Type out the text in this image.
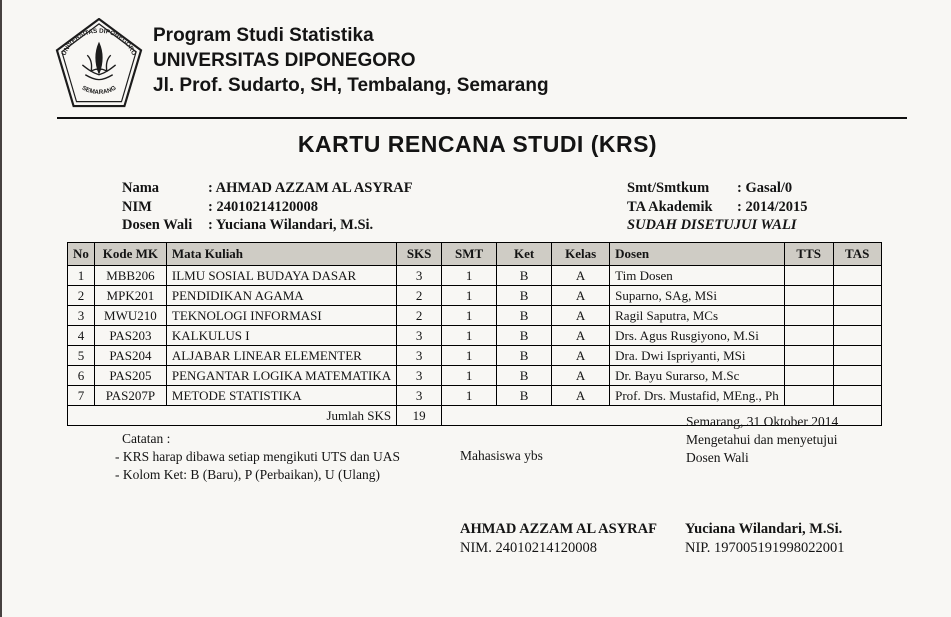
UNIVERSITAS DIPONEGORO
SEMARANG
Program Studi Statistika
UNIVERSITAS DIPONEGORO
Jl. Prof. Sudarto, SH, Tembalang, Semarang
KARTU RENCANA STUDI (KRS)
Nama	: AHMAD AZZAM AL ASYRAF
NIM	: 24010214120008
Dosen Wali	: Yuciana Wilandari, M.Si.
Smt/Smtkum	: Gasal/0
TA Akademik	: 2014/2015
SUDAH DISETUJUI WALI
No	Kode MK	Mata Kuliah	SKS	SMT	Ket	Kelas	Dosen	TTS	TAS
1	MBB206	ILMU SOSIAL BUDAYA DASAR	3	1	B	A	Tim Dosen		
2	MPK201	PENDIDIKAN AGAMA	2	1	B	A	Suparno, SAg, MSi		
3	MWU210	TEKNOLOGI INFORMASI	2	1	B	A	Ragil Saputra, MCs		
4	PAS203	KALKULUS I	3	1	B	A	Drs. Agus Rusgiyono, M.Si		
5	PAS204	ALJABAR LINEAR ELEMENTER	3	1	B	A	Dra. Dwi Ispriyanti, MSi		
6	PAS205	PENGANTAR LOGIKA MATEMATIKA	3	1	B	A	Dr. Bayu Surarso, M.Sc		
7	PAS207P	METODE STATISTIKA	3	1	B	A	Prof. Drs. Mustafid, MEng., Ph		
Jumlah SKS			19						
Catatan :
- KRS harap dibawa setiap mengikuti UTS dan UAS
- Kolom Ket: B (Baru), P (Perbaikan), U (Ulang)
Mahasiswa ybs
Semarang, 31 Oktober 2014
Mengetahui dan menyetujui
Dosen Wali
AHMAD AZZAM AL ASYRAF
NIM. 24010214120008
Yuciana Wilandari, M.Si.
NIP. 197005191998022001
